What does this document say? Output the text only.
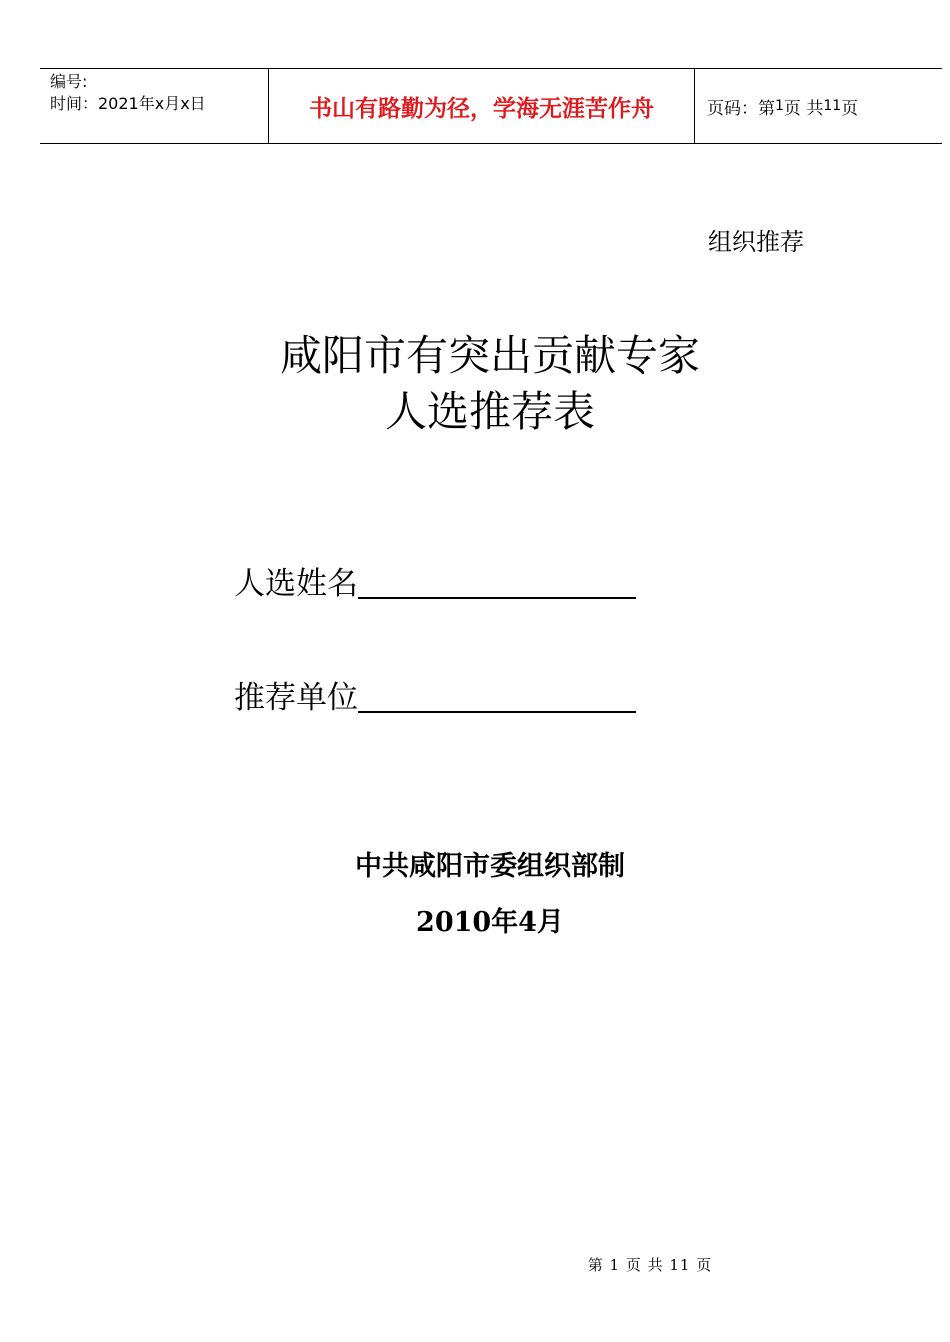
编号:
时间：2021年x月x日	书山有路勤为径，学海无涯苦作舟	页码：第 1 页 共 11 页
组织推荐
咸阳市有突出贡献专家
人选推荐表
人选姓名
推荐单位
中共咸阳市委组织部制
2010年4月
第 1 页 共 11 页
